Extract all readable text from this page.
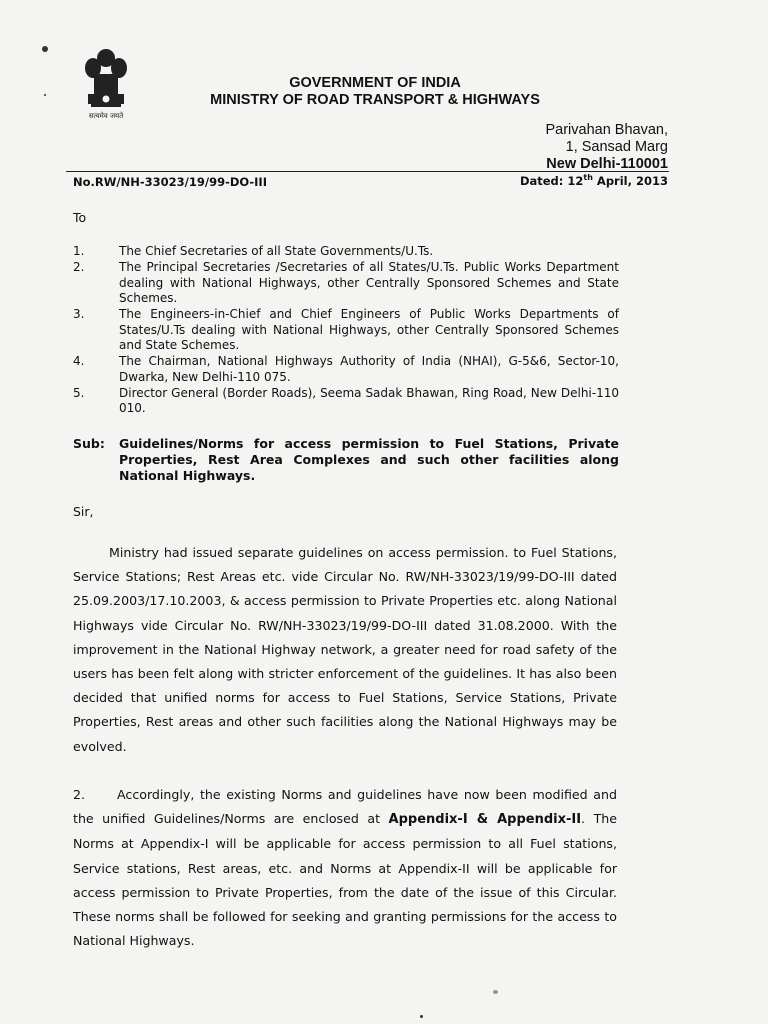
सत्यमेव जयते
GOVERNMENT OF INDIA
MINISTRY OF ROAD TRANSPORT & HIGHWAYS
Parivahan Bhavan,
1, Sansad Marg
New Delhi-110001
No.RW/NH-33023/19/99-DO-III	Dated: 12th April, 2013
To
1.	The Chief Secretaries of all State Governments/U.Ts.
2.	The Principal Secretaries /Secretaries of all States/U.Ts. Public Works Department dealing with National Highways, other Centrally Sponsored Schemes and State Schemes.
3.	The Engineers-in-Chief and Chief Engineers of Public Works Departments of States/U.Ts dealing with National Highways, other Centrally Sponsored Schemes and State Schemes.
4.	The Chairman, National Highways Authority of India (NHAI), G-5&6, Sector-10, Dwarka, New Delhi-110 075.
5.	Director General (Border Roads), Seema Sadak Bhawan, Ring Road, New Delhi-110 010.
Sub:	Guidelines/Norms for access permission to Fuel Stations, Private Properties, Rest Area Complexes and such other facilities along National Highways.
Sir,
Ministry had issued separate guidelines on access permission. to Fuel Stations, Service Stations; Rest Areas etc. vide Circular No. RW/NH-33023/19/99-DO-III dated 25.09.2003/17.10.2003, & access permission to Private Properties etc. along National Highways vide Circular No. RW/NH-33023/19/99-DO-III dated 31.08.2000. With the improvement in the National Highway network, a greater need for road safety of the users has been felt along with stricter enforcement of the guidelines. It has also been decided that unified norms for access to Fuel Stations, Service Stations, Private Properties, Rest areas and other such facilities along the National Highways may be evolved.
2.	Accordingly, the existing Norms and guidelines have now been modified and the unified Guidelines/Norms are enclosed at Appendix-I & Appendix-II. The Norms at Appendix-I will be applicable for access permission to all Fuel stations, Service stations, Rest areas, etc. and Norms at Appendix-II will be applicable for access permission to Private Properties, from the date of the issue of this Circular. These norms shall be followed for seeking and granting permissions for the access to National Highways.
